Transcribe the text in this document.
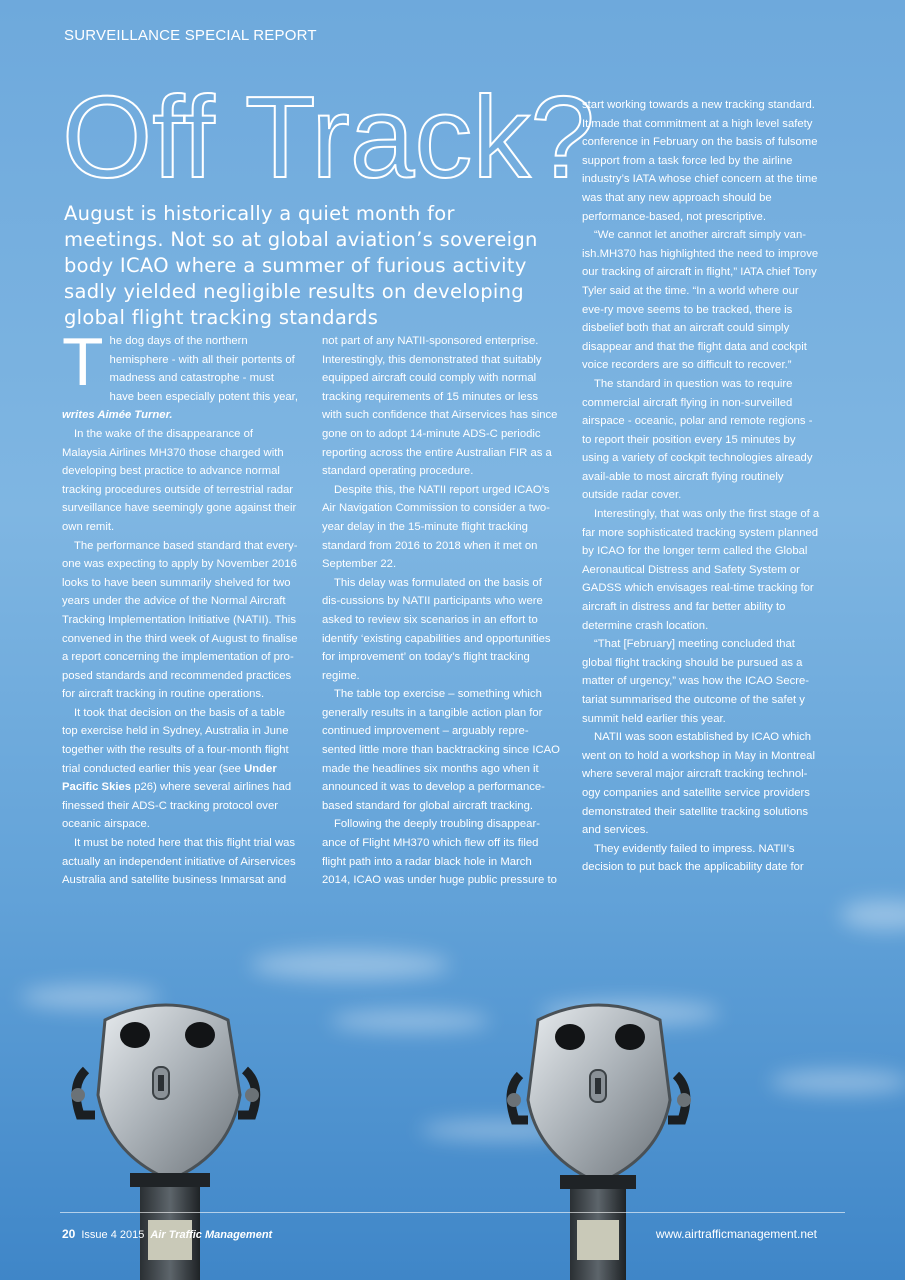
SURVEILLANCE SPECIAL REPORT
Off Track?

August is historically a quiet month for meetings. Not so at global aviation’s sovereign body ICAO where a summer of furious activity sadly yielded negligible results on developing global flight tracking standards

The dog days of the northern hemisphere - with all their portents of madness and catastrophe - must have been especially potent this year, writes Aimée Turner.

In the wake of the disappearance of Malaysia Airlines MH370 those charged with developing best practice to advance normal tracking procedures outside of terrestrial radar surveillance have seemingly gone against their own remit.

The performance based standard that every-one was expecting to apply by November 2016 looks to have been summarily shelved for two years under the advice of the Normal Aircraft Tracking Implementation Initiative (NATII). This convened in the third week of August to finalise a report concerning the implementation of pro-posed standards and recommended practices for aircraft tracking in routine operations.

It took that decision on the basis of a table top exercise held in Sydney, Australia in June together with the results of a four-month flight trial conducted earlier this year (see Under Pacific Skies p26) where several airlines had finessed their ADS-C tracking protocol over oceanic airspace.

It must be noted here that this flight trial was actually an independent initiative of Airservices Australia and satellite business Inmarsat and

not part of any NATII-sponsored enterprise. Interestingly, this demonstrated that suitably equipped aircraft could comply with normal tracking requirements of 15 minutes or less with such confidence that Airservices has since gone on to adopt 14-minute ADS-C periodic reporting across the entire Australian FIR as a standard operating procedure.

Despite this, the NATII report urged ICAO’s Air Navigation Commission to consider a two-year delay in the 15-minute flight tracking standard from 2016 to 2018 when it met on September 22.

This delay was formulated on the basis of dis-cussions by NATII participants who were asked to review six scenarios in an effort to identify ‘existing capabilities and opportunities for improvement’ on today’s flight tracking regime.

The table top exercise – something which generally results in a tangible action plan for continued improvement – arguably repre-sented little more than backtracking since ICAO made the headlines six months ago when it announced it was to develop a performance-based standard for global aircraft tracking.

Following the deeply troubling disappear-ance of Flight MH370 which flew off its filed flight path into a radar black hole in March 2014, ICAO was under huge public pressure to

start working towards a new tracking standard. It made that commitment at a high level safety conference in February on the basis of fulsome support from a task force led by the airline industry’s IATA whose chief concern at the time was that any new approach should be performance-based, not prescriptive.

“We cannot let another aircraft simply van-ish.MH370 has highlighted the need to improve our tracking of aircraft in flight,” IATA chief Tony Tyler said at the time. “In a world where our eve-ry move seems to be tracked, there is disbelief both that an aircraft could simply disappear and that the flight data and cockpit voice recorders are so difficult to recover.”

The standard in question was to require commercial aircraft flying in non-surveilled airspace - oceanic, polar and remote regions - to report their position every 15 minutes by using a variety of cockpit technologies already avail-able to most aircraft flying routinely outside radar cover.

Interestingly, that was only the first stage of a far more sophisticated tracking system planned by ICAO for the longer term called the Global Aeronautical Distress and Safety System or GADSS which envisages real-time tracking for aircraft in distress and far better ability to determine crash location.

“That [February] meeting concluded that global flight tracking should be pursued as a matter of urgency,” was how the ICAO Secre-tariat summarised the outcome of the safet y summit held earlier this year.

NATII was soon established by ICAO which went on to hold a workshop in May in Montreal where several major aircraft tracking technol-ogy companies and satellite service providers demonstrated their satellite tracking solutions and services.

They evidently failed to impress. NATII’s decision to put back the applicability date for

20 Issue 4 2015 Air Traffic Management	www.airtrafficmanagement.net
